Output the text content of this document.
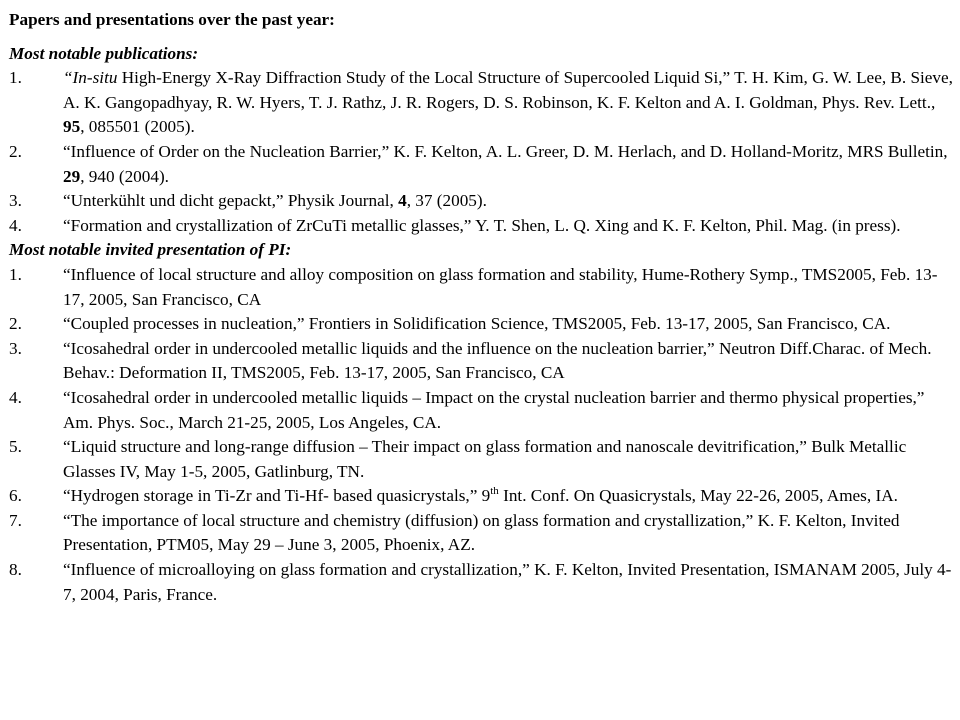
Papers and presentations over the past year:
Most notable publications:
1. “In-situ High-Energy X-Ray Diffraction Study of the Local Structure of Supercooled Liquid Si,” T. H. Kim, G. W. Lee, B. Sieve, A. K. Gangopadhyay, R. W. Hyers, T. J. Rathz, J. R. Rogers, D. S. Robinson, K. F. Kelton and A. I. Goldman, Phys. Rev. Lett., 95, 085501 (2005).
2. “Influence of Order on the Nucleation Barrier,” K. F. Kelton, A. L. Greer, D. M. Herlach, and D. Holland-Moritz, MRS Bulletin, 29, 940 (2004).
3. “Unterkühlt und dicht gepackt,” Physik Journal, 4, 37 (2005).
4. “Formation and crystallization of ZrCuTi metallic glasses,” Y. T. Shen, L. Q. Xing and K. F. Kelton, Phil. Mag. (in press).
Most notable invited presentation of PI:
1. “Influence of local structure and alloy composition on glass formation and stability, Hume-Rothery Symp., TMS2005, Feb. 13-17, 2005, San Francisco, CA
2. “Coupled processes in nucleation,” Frontiers in Solidification Science, TMS2005, Feb. 13-17, 2005, San Francisco, CA.
3. “Icosahedral order in undercooled metallic liquids and the influence on the nucleation barrier,” Neutron Diff.Charac. of Mech. Behav.: Deformation II, TMS2005, Feb. 13-17, 2005, San Francisco, CA
4. “Icosahedral order in undercooled metallic liquids – Impact on the crystal nucleation barrier and thermo physical properties,” Am. Phys. Soc., March 21-25, 2005, Los Angeles, CA.
5. “Liquid structure and long-range diffusion – Their impact on glass formation and nanoscale devitrification,” Bulk Metallic Glasses IV, May 1-5, 2005, Gatlinburg, TN.
6. “Hydrogen storage in Ti-Zr and Ti-Hf- based quasicrystals,” 9th Int. Conf. On Quasicrystals, May 22-26, 2005, Ames, IA.
7. “The importance of local structure and chemistry (diffusion) on glass formation and crystallization,” K. F. Kelton, Invited Presentation, PTM05, May 29 – June 3, 2005, Phoenix, AZ.
8. “Influence of microalloying on glass formation and crystallization,” K. F. Kelton, Invited Presentation, ISMANAM 2005, July 4-7, 2004, Paris, France.
